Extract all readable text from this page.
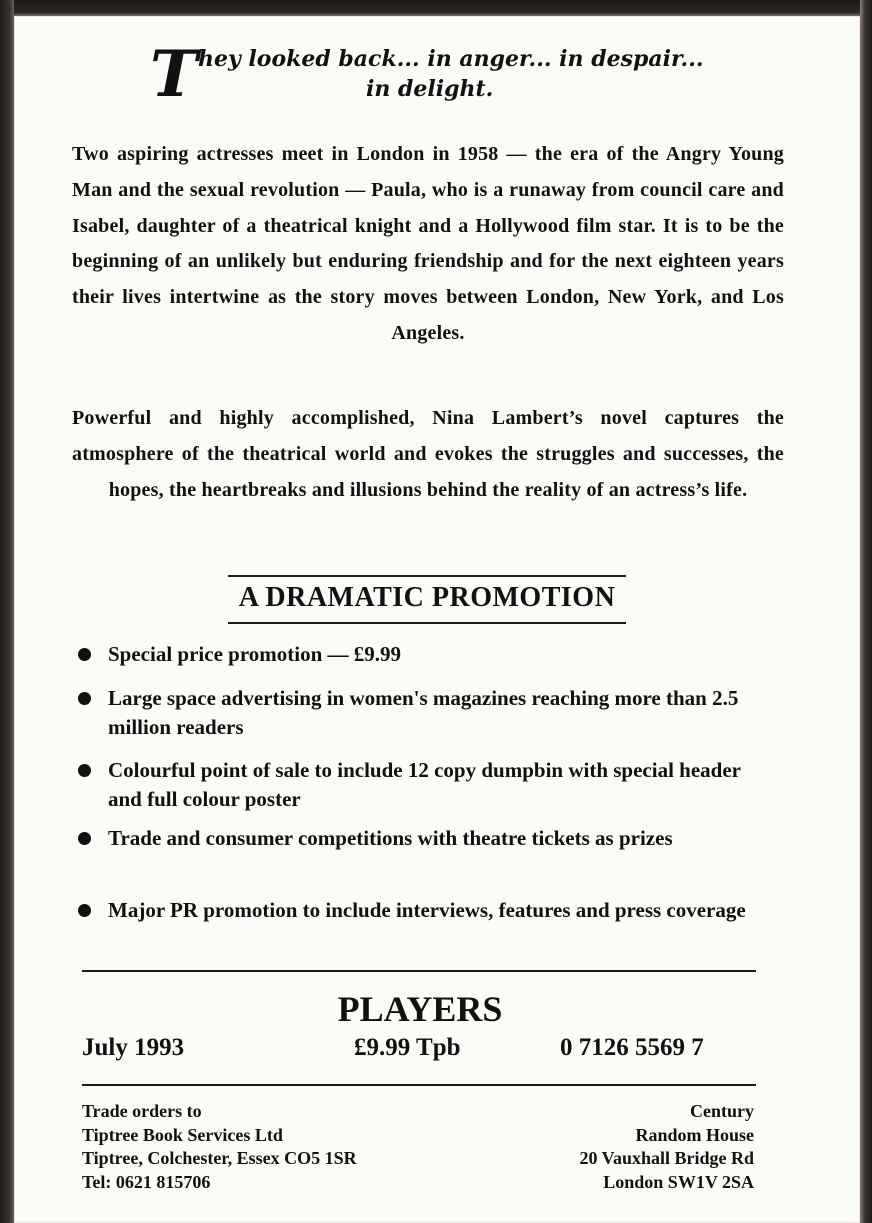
T hey looked back... in anger... in despair...
in delight.
Two aspiring actresses meet in London in 1958 — the era of the Angry Young Man and the sexual revolution — Paula, who is a runaway from council care and Isabel, daughter of a theatrical knight and a Hollywood film star. It is to be the beginning of an unlikely but enduring friendship and for the next eighteen years their lives intertwine as the story moves between London, New York, and Los Angeles.
Powerful and highly accomplished, Nina Lambert’s novel captures the atmosphere of the theatrical world and evokes the struggles and successes, the hopes, the heartbreaks and illusions behind the reality of an actress’s life.
A DRAMATIC PROMOTION
Special price promotion — £9.99
Large space advertising in women's magazines reaching more than 2.5 million readers
Colourful point of sale to include 12 copy dumpbin with special header and full colour poster
Trade and consumer competitions with theatre tickets as prizes
Major PR promotion to include interviews, features and press coverage
PLAYERS
July 1993	£9.99 Tpb	0 7126 5569 7
Trade orders to
Tiptree Book Services Ltd
Tiptree, Colchester, Essex CO5 1SR
Tel: 0621 815706
Century
Random House
20 Vauxhall Bridge Rd
London SW1V 2SA
